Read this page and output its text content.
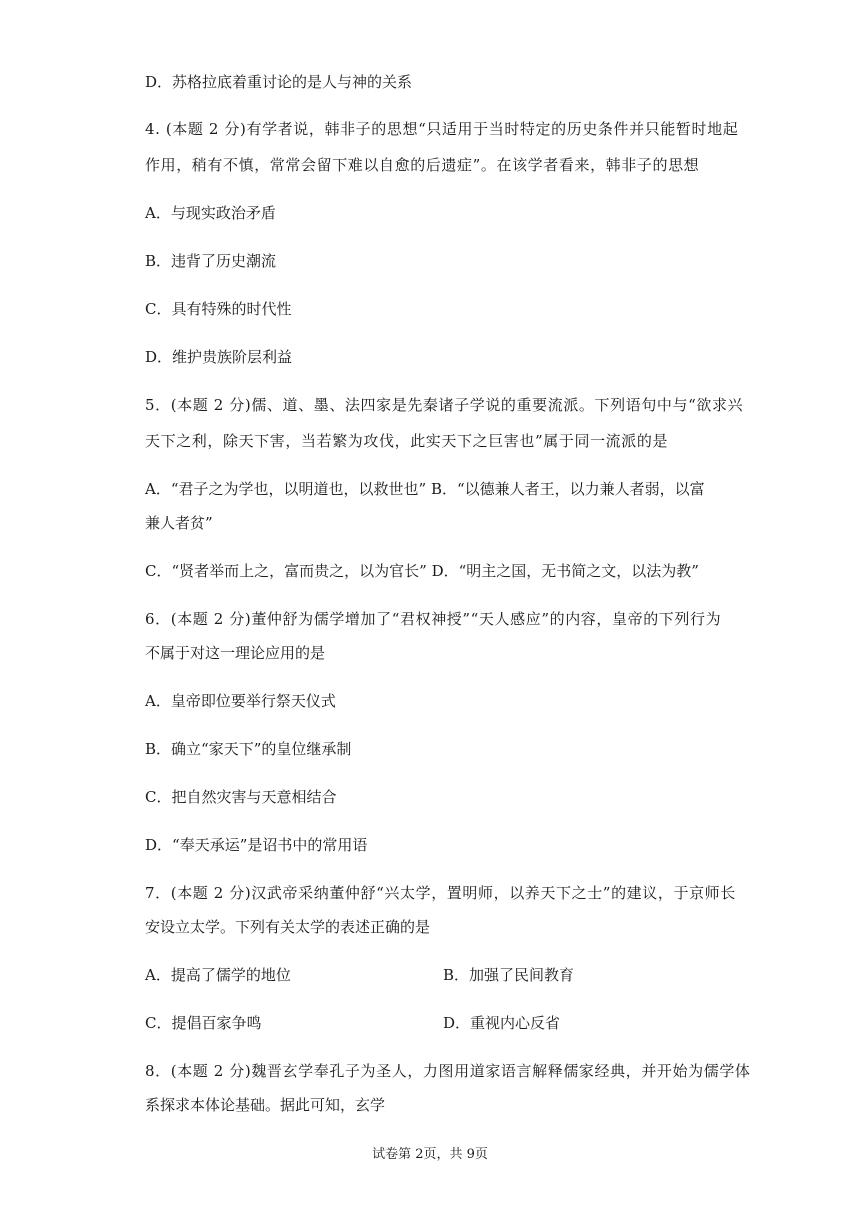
D．苏格拉底着重讨论的是人与神的关系
4. (本题 2 分)有学者说，韩非子的思想“只适用于当时特定的历史条件并只能暂时地起
作用，稍有不慎，常常会留下难以自愈的后遗症”。在该学者看来，韩非子的思想
A．与现实政治矛盾
B．违背了历史潮流
C．具有特殊的时代性
D．维护贵族阶层利益
5．(本题 2 分)儒、道、墨、法四家是先秦诸子学说的重要流派。下列语句中与“欲求兴
天下之利，除天下害，当若繁为攻伐，此实天下之巨害也”属于同一流派的是
A．“君子之为学也，以明道也，以救世也” B．“以德兼人者王，以力兼人者弱，以富
兼人者贫”
C．“贤者举而上之，富而贵之，以为官长” D．“明主之国，无书简之文，以法为教”
6．(本题 2 分)董仲舒为儒学增加了“君权神授”“天人感应”的内容，皇帝的下列行为
不属于对这一理论应用的是
A．皇帝即位要举行祭天仪式
B．确立“家天下”的皇位继承制
C．把自然灾害与天意相结合
D．“奉天承运”是诏书中的常用语
7．(本题 2 分)汉武帝采纳董仲舒“兴太学，置明师，以养天下之士”的建议，于京师长
安设立太学。下列有关太学的表述正确的是
A．提高了儒学的地位	B．加强了民间教育
C．提倡百家争鸣	D．重视内心反省
8．(本题 2 分)魏晋玄学奉孔子为圣人，力图用道家语言解释儒家经典，并开始为儒学体
系探求本体论基础。据此可知，玄学
试卷第 2页，共 9页
